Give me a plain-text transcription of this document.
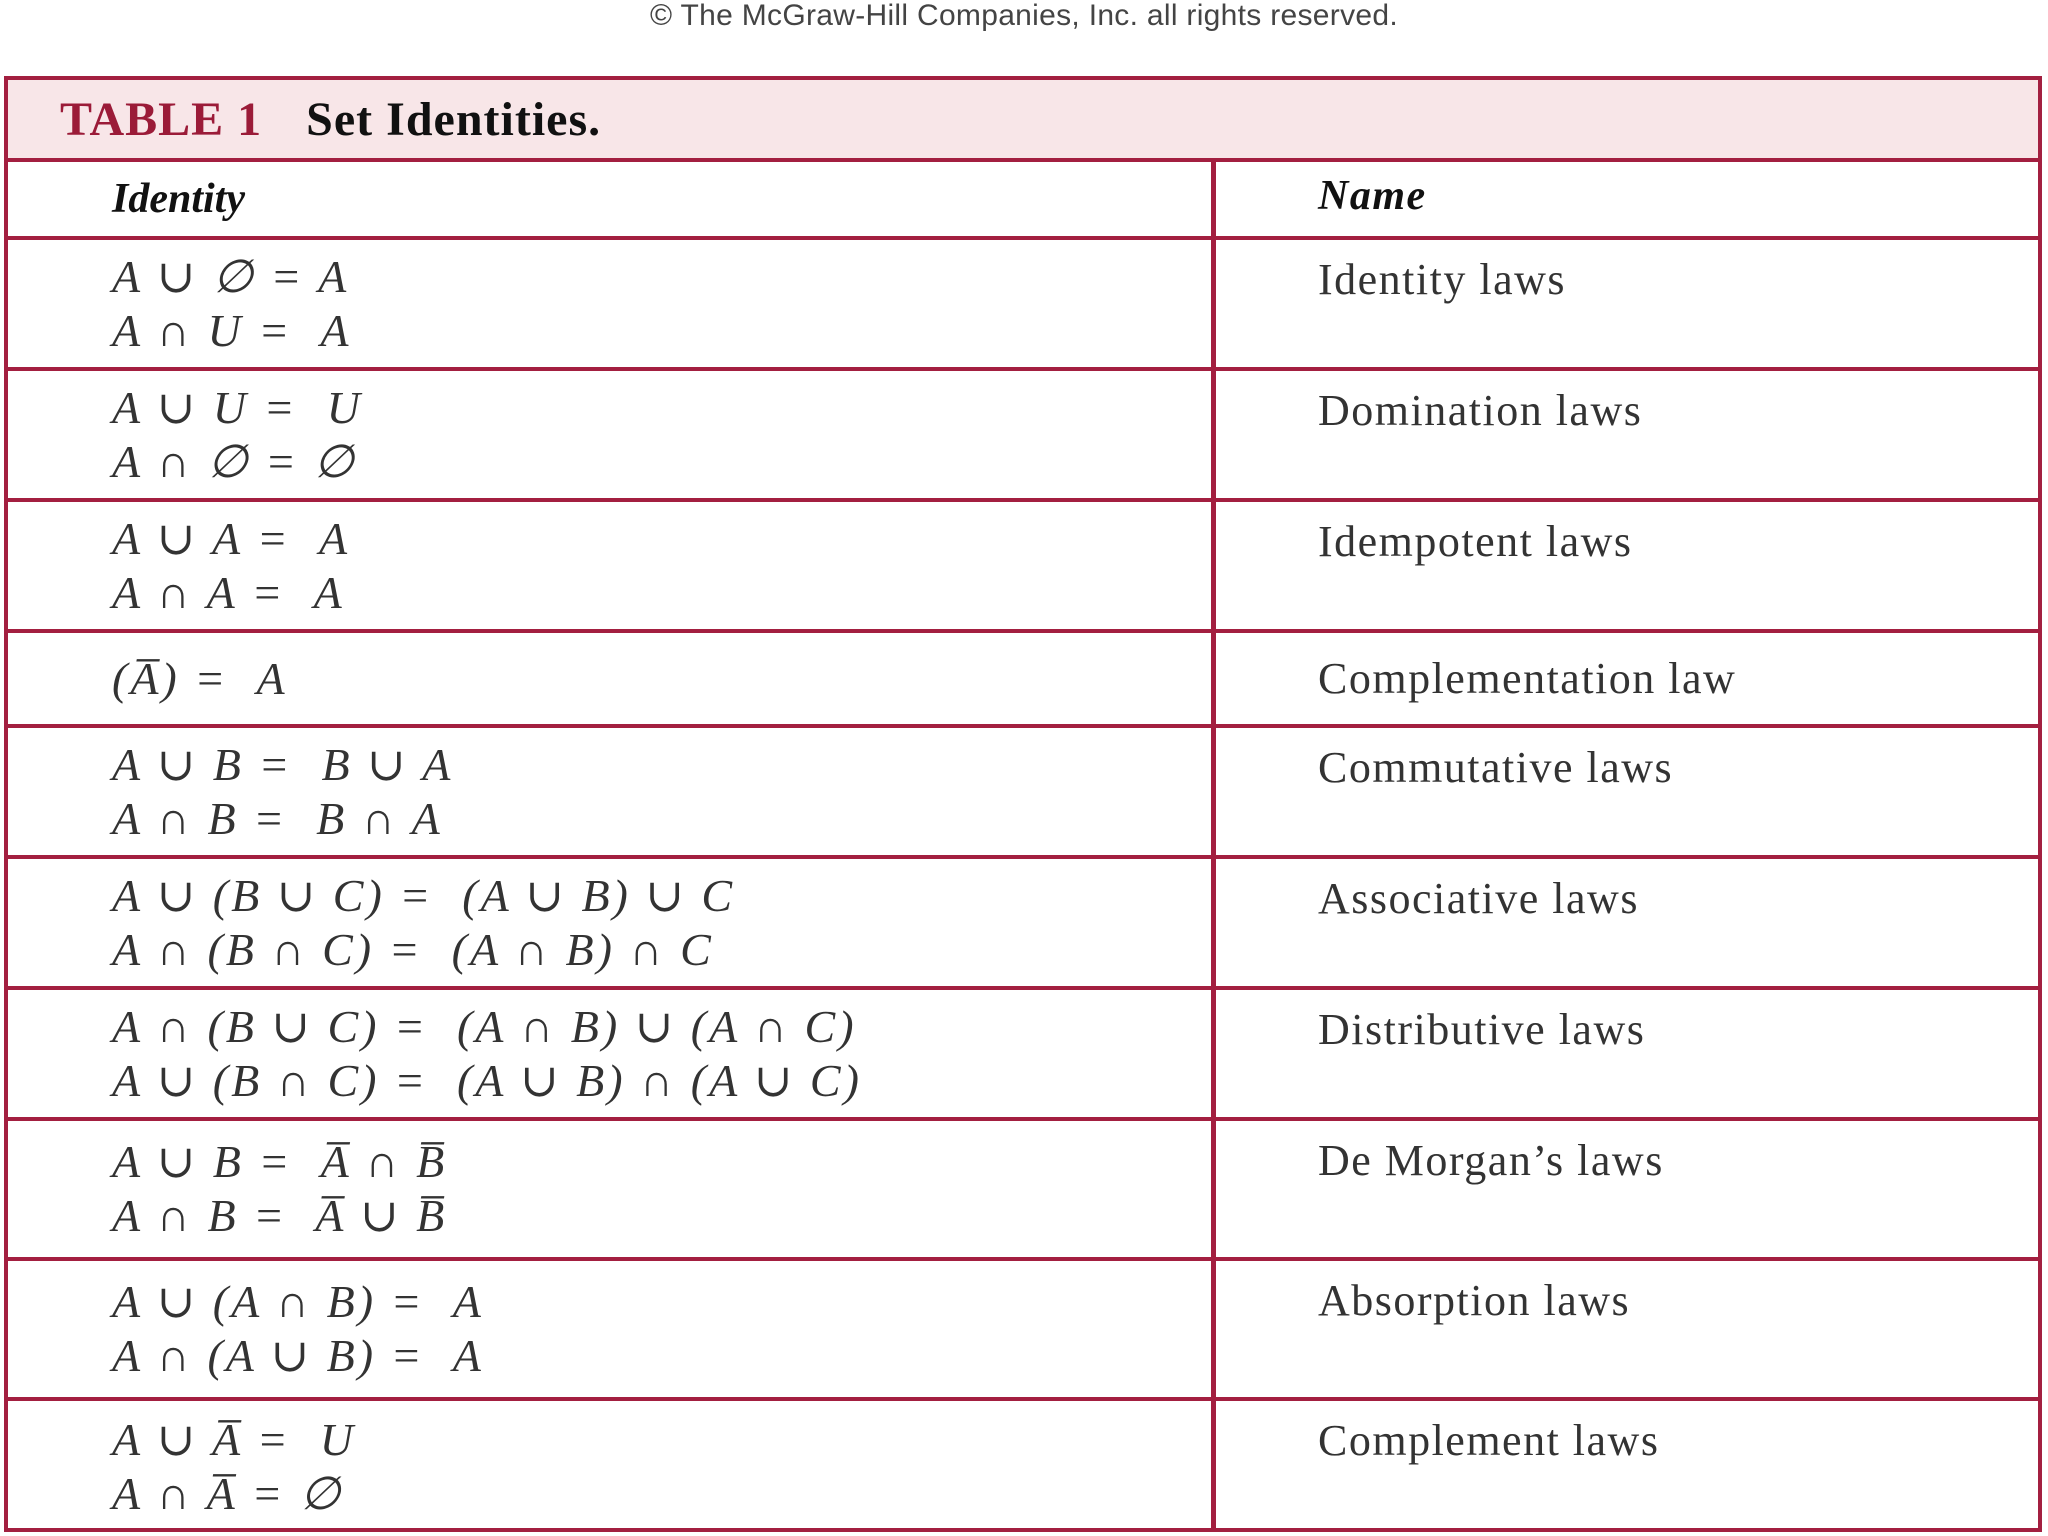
© The McGraw-Hill Companies, Inc. all rights reserved.
TABLE 1 Set Identities.
Identity	Name
A ∪ ∅ = A
A ∩ U =  A
Identity laws
A ∪ U =  U
A ∩ ∅ = ∅
Domination laws
A ∪ A =  A
A ∩ A =  A
Idempotent laws
(A̅) =  A	Complementation law
A ∪ B =  B ∪ A
A ∩ B =  B ∩ A
Commutative laws
A ∪ (B ∪ C) =  (A ∪ B) ∪ C
A ∩ (B ∩ C) =  (A ∩ B) ∩ C
Associative laws
A ∩ (B ∪ C) =  (A ∩ B) ∪ (A ∩ C)
A ∪ (B ∩ C) =  (A ∪ B) ∩ (A ∪ C)
Distributive laws
A ∪ B =  A̅ ∩ B̅
A ∩ B =  A̅ ∪ B̅
De Morgan’s laws
A ∪ (A ∩ B) =  A
A ∩ (A ∪ B) =  A
Absorption laws
A ∪ A̅ =  U
A ∩ A̅ = ∅
Complement laws
